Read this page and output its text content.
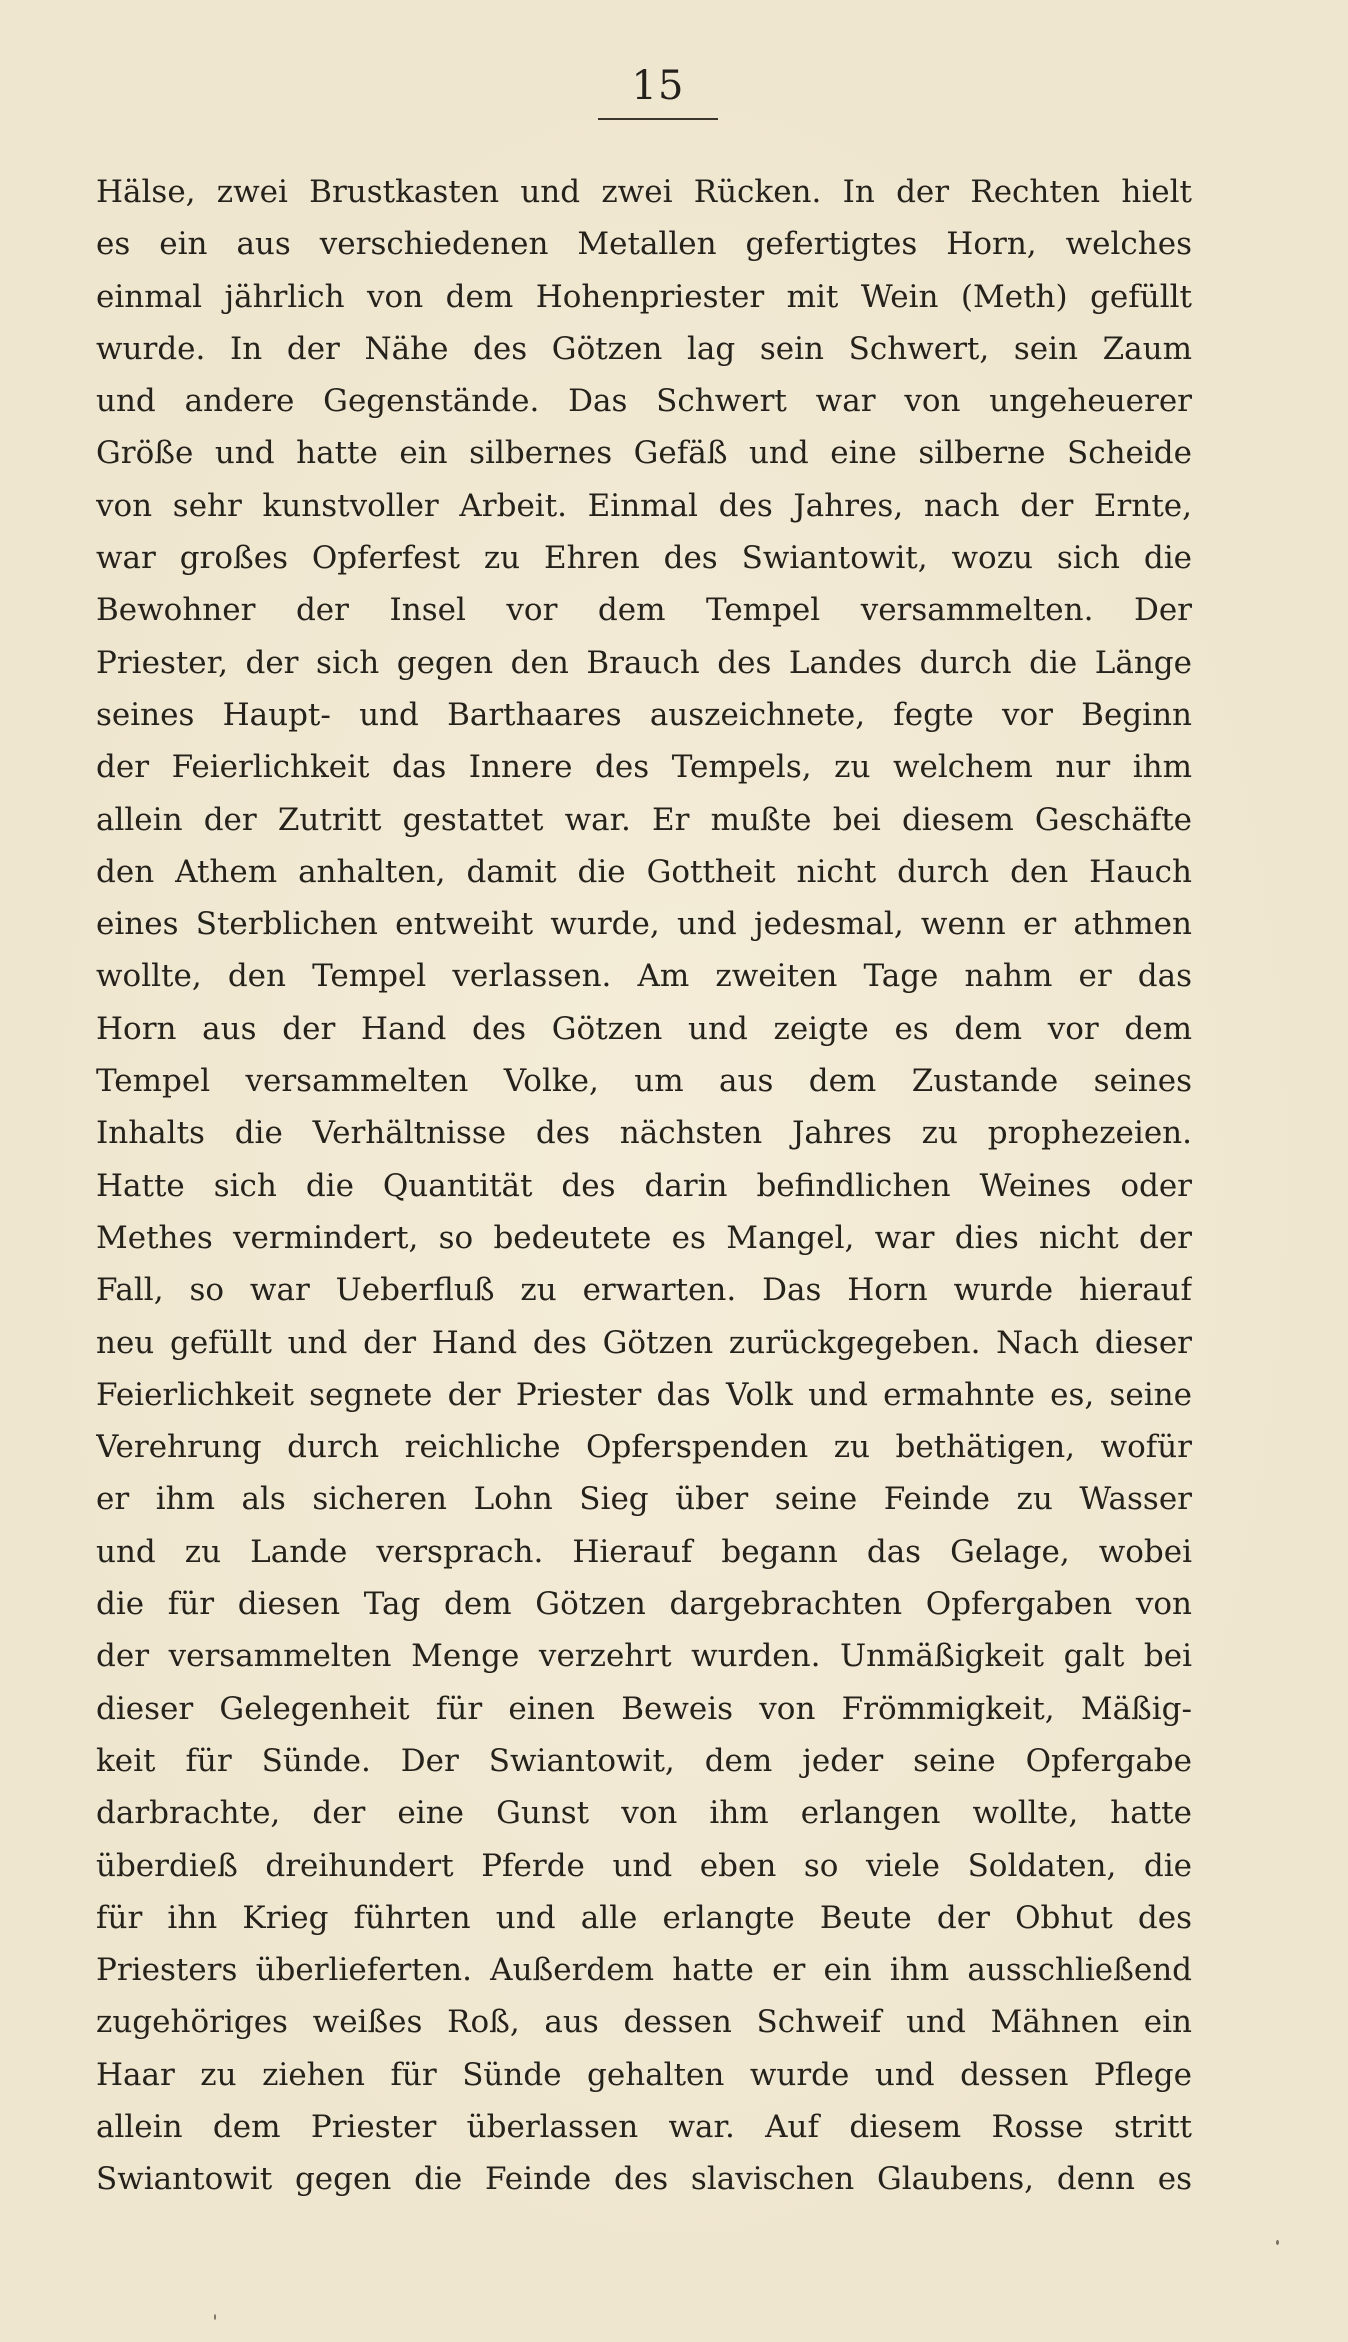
15
Hälse, zwei Brustkasten und zwei Rücken. In der Rechten hielt
es ein aus verschiedenen Metallen gefertigtes Horn, welches
einmal jährlich von dem Hohenpriester mit Wein (Meth) gefüllt
wurde. In der Nähe des Götzen lag sein Schwert, sein Zaum
und andere Gegenstände. Das Schwert war von ungeheuerer
Größe und hatte ein silbernes Gefäß und eine silberne Scheide
von sehr kunstvoller Arbeit. Einmal des Jahres, nach der Ernte,
war großes Opferfest zu Ehren des Swiantowit, wozu sich die
Bewohner der Insel vor dem Tempel versammelten. Der
Priester, der sich gegen den Brauch des Landes durch die Länge
seines Haupt- und Barthaares auszeichnete, fegte vor Beginn
der Feierlichkeit das Innere des Tempels, zu welchem nur ihm
allein der Zutritt gestattet war. Er mußte bei diesem Geschäfte
den Athem anhalten, damit die Gottheit nicht durch den Hauch
eines Sterblichen entweiht wurde, und jedesmal, wenn er athmen
wollte, den Tempel verlassen. Am zweiten Tage nahm er das
Horn aus der Hand des Götzen und zeigte es dem vor dem
Tempel versammelten Volke, um aus dem Zustande seines
Inhalts die Verhältnisse des nächsten Jahres zu prophezeien.
Hatte sich die Quantität des darin befindlichen Weines oder
Methes vermindert, so bedeutete es Mangel, war dies nicht der
Fall, so war Ueberfluß zu erwarten. Das Horn wurde hierauf
neu gefüllt und der Hand des Götzen zurückgegeben. Nach dieser
Feierlichkeit segnete der Priester das Volk und ermahnte es, seine
Verehrung durch reichliche Opferspenden zu bethätigen, wofür
er ihm als sicheren Lohn Sieg über seine Feinde zu Wasser
und zu Lande versprach. Hierauf begann das Gelage, wobei
die für diesen Tag dem Götzen dargebrachten Opfergaben von
der versammelten Menge verzehrt wurden. Unmäßigkeit galt bei
dieser Gelegenheit für einen Beweis von Frömmigkeit, Mäßig-
keit für Sünde. Der Swiantowit, dem jeder seine Opfergabe
darbrachte, der eine Gunst von ihm erlangen wollte, hatte
überdieß dreihundert Pferde und eben so viele Soldaten, die
für ihn Krieg führten und alle erlangte Beute der Obhut des
Priesters überlieferten. Außerdem hatte er ein ihm ausschließend
zugehöriges weißes Roß, aus dessen Schweif und Mähnen ein
Haar zu ziehen für Sünde gehalten wurde und dessen Pflege
allein dem Priester überlassen war. Auf diesem Rosse stritt
Swiantowit gegen die Feinde des slavischen Glaubens, denn es
